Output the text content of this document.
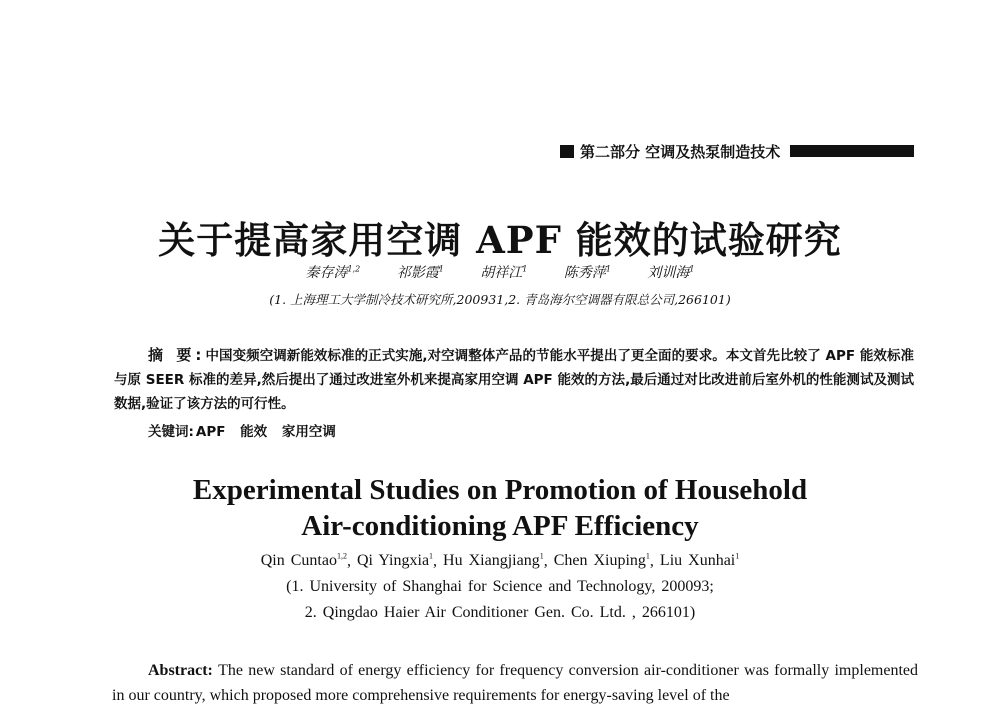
第二部分 空调及热泵制造技术
关于提高家用空调 APF 能效的试验研究
秦存涛$^{1,2}$	祁影霞$^1$	胡祥江$^1$	陈秀萍$^1$	刘训海$^1$
(1. 上海理工大学制冷技术研究所,200931,2. 青岛海尔空调器有限总公司,266101)
摘 要:中国变频空调新能效标准的正式实施,对空调整体产品的节能水平提出了更全面的要求。本文首先比较了 APF 能效标准与原 SEER 标准的差异,然后提出了通过改进室外机来提高家用空调 APF 能效的方法,最后通过对比改进前后室外机的性能测试及测试数据,验证了该方法的可行性。
关键词: APF 能效 家用空调
Experimental Studies on Promotion of Household
Air-conditioning APF Efficiency
Qin Cuntao$^{1,2}$, Qi Yingxia$^1$, Hu Xiangjiang$^1$, Chen Xiuping$^1$, Liu Xunhai$^1$
(1. University of Shanghai for Science and Technology, 200093;
2. Qingdao Haier Air Conditioner Gen. Co. Ltd. , 266101)
Abstract: The new standard of energy efficiency for frequency conversion air-conditioner was formally implemented in our country, which proposed more comprehensive requirements for energy-saving level of the
